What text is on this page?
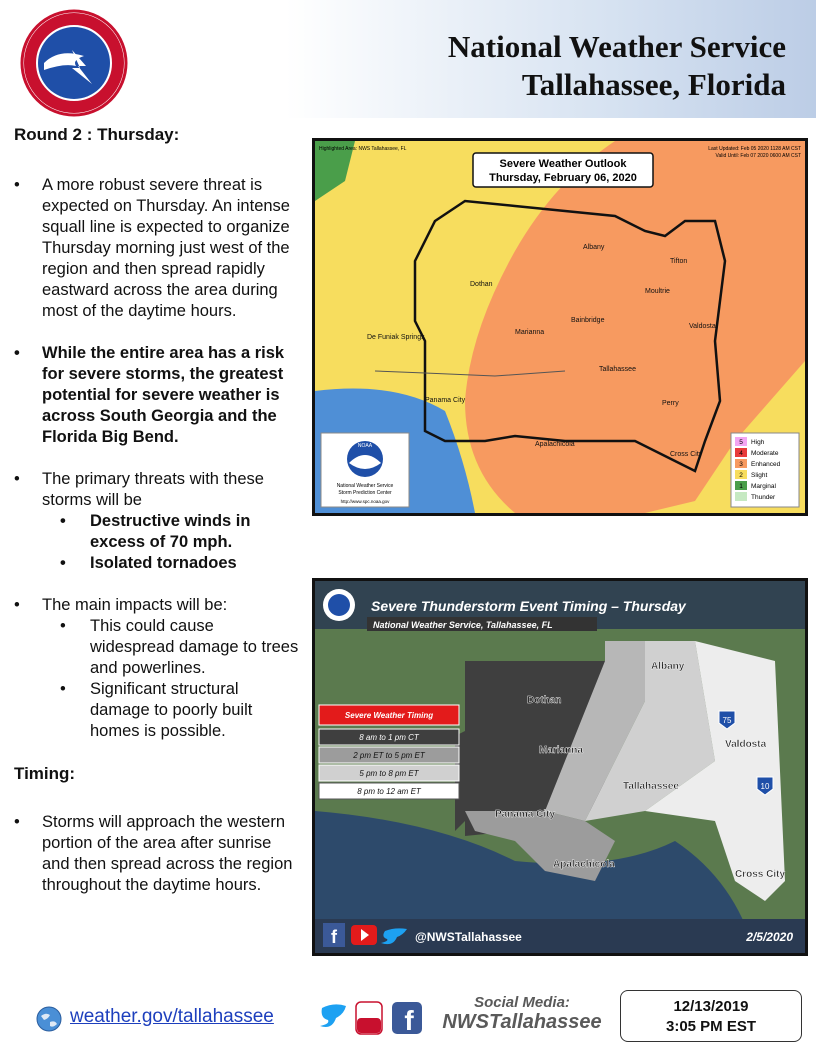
National Weather Service
Tallahassee, Florida

Round 2 : Thursday:

• A more robust severe threat is expected on Thursday. An intense squall line is expected to organize Thursday morning just west of the region and then spread rapidly eastward across the area during most of the daytime hours.
• While the entire area has a risk for severe storms, the greatest potential for severe weather is across South Georgia and the Florida Big Bend.
• The primary threats with these storms will be
• Destructive winds in excess of 70 mph.
• Isolated tornadoes
• The main impacts will be:
• This could cause widespread damage to trees and powerlines.
• Significant structural damage to poorly built homes is possible.

Timing:

• Storms will approach the western portion of the area after sunrise and then spread across the region throughout the daytime hours.
Severe Weather Outlook
Thursday, February 06, 2020
Highlighted Area: NWS Tallahassee, FL	Last Updated: Feb 05 2020 1128 AM CST
Valid Until: Feb 07 2020 0600 AM CST
Albany
Tifton
Dothan
Moultrie
Bainbridge
Valdosta
De Funiak Springs
Marianna
Tallahassee
Panama City	Perry
Apalachicola
Cross City
NOAA
National Weather Service
Storm Prediction Center
http://www.spc.noaa.gov
5 High
4 Moderate
3 Enhanced
2 Slight
1 Marginal
Thunder
Severe Thunderstorm Event Timing – Thursday
National Weather Service, Tallahassee, FL
Severe Weather Timing
8 am to 1 pm CT
2 pm ET to 5 pm ET
5 pm to 8 pm ET
8 pm to 12 am ET
Albany
Dothan
Valdosta
Marianna
Tallahassee
Panama City
Apalachicola
Cross City
75
10
f	@NWSTallahassee	2/5/2020
weather.gov/tallahassee	f
Social Media:
NWSTallahassee
12/13/2019
3:05 PM EST
